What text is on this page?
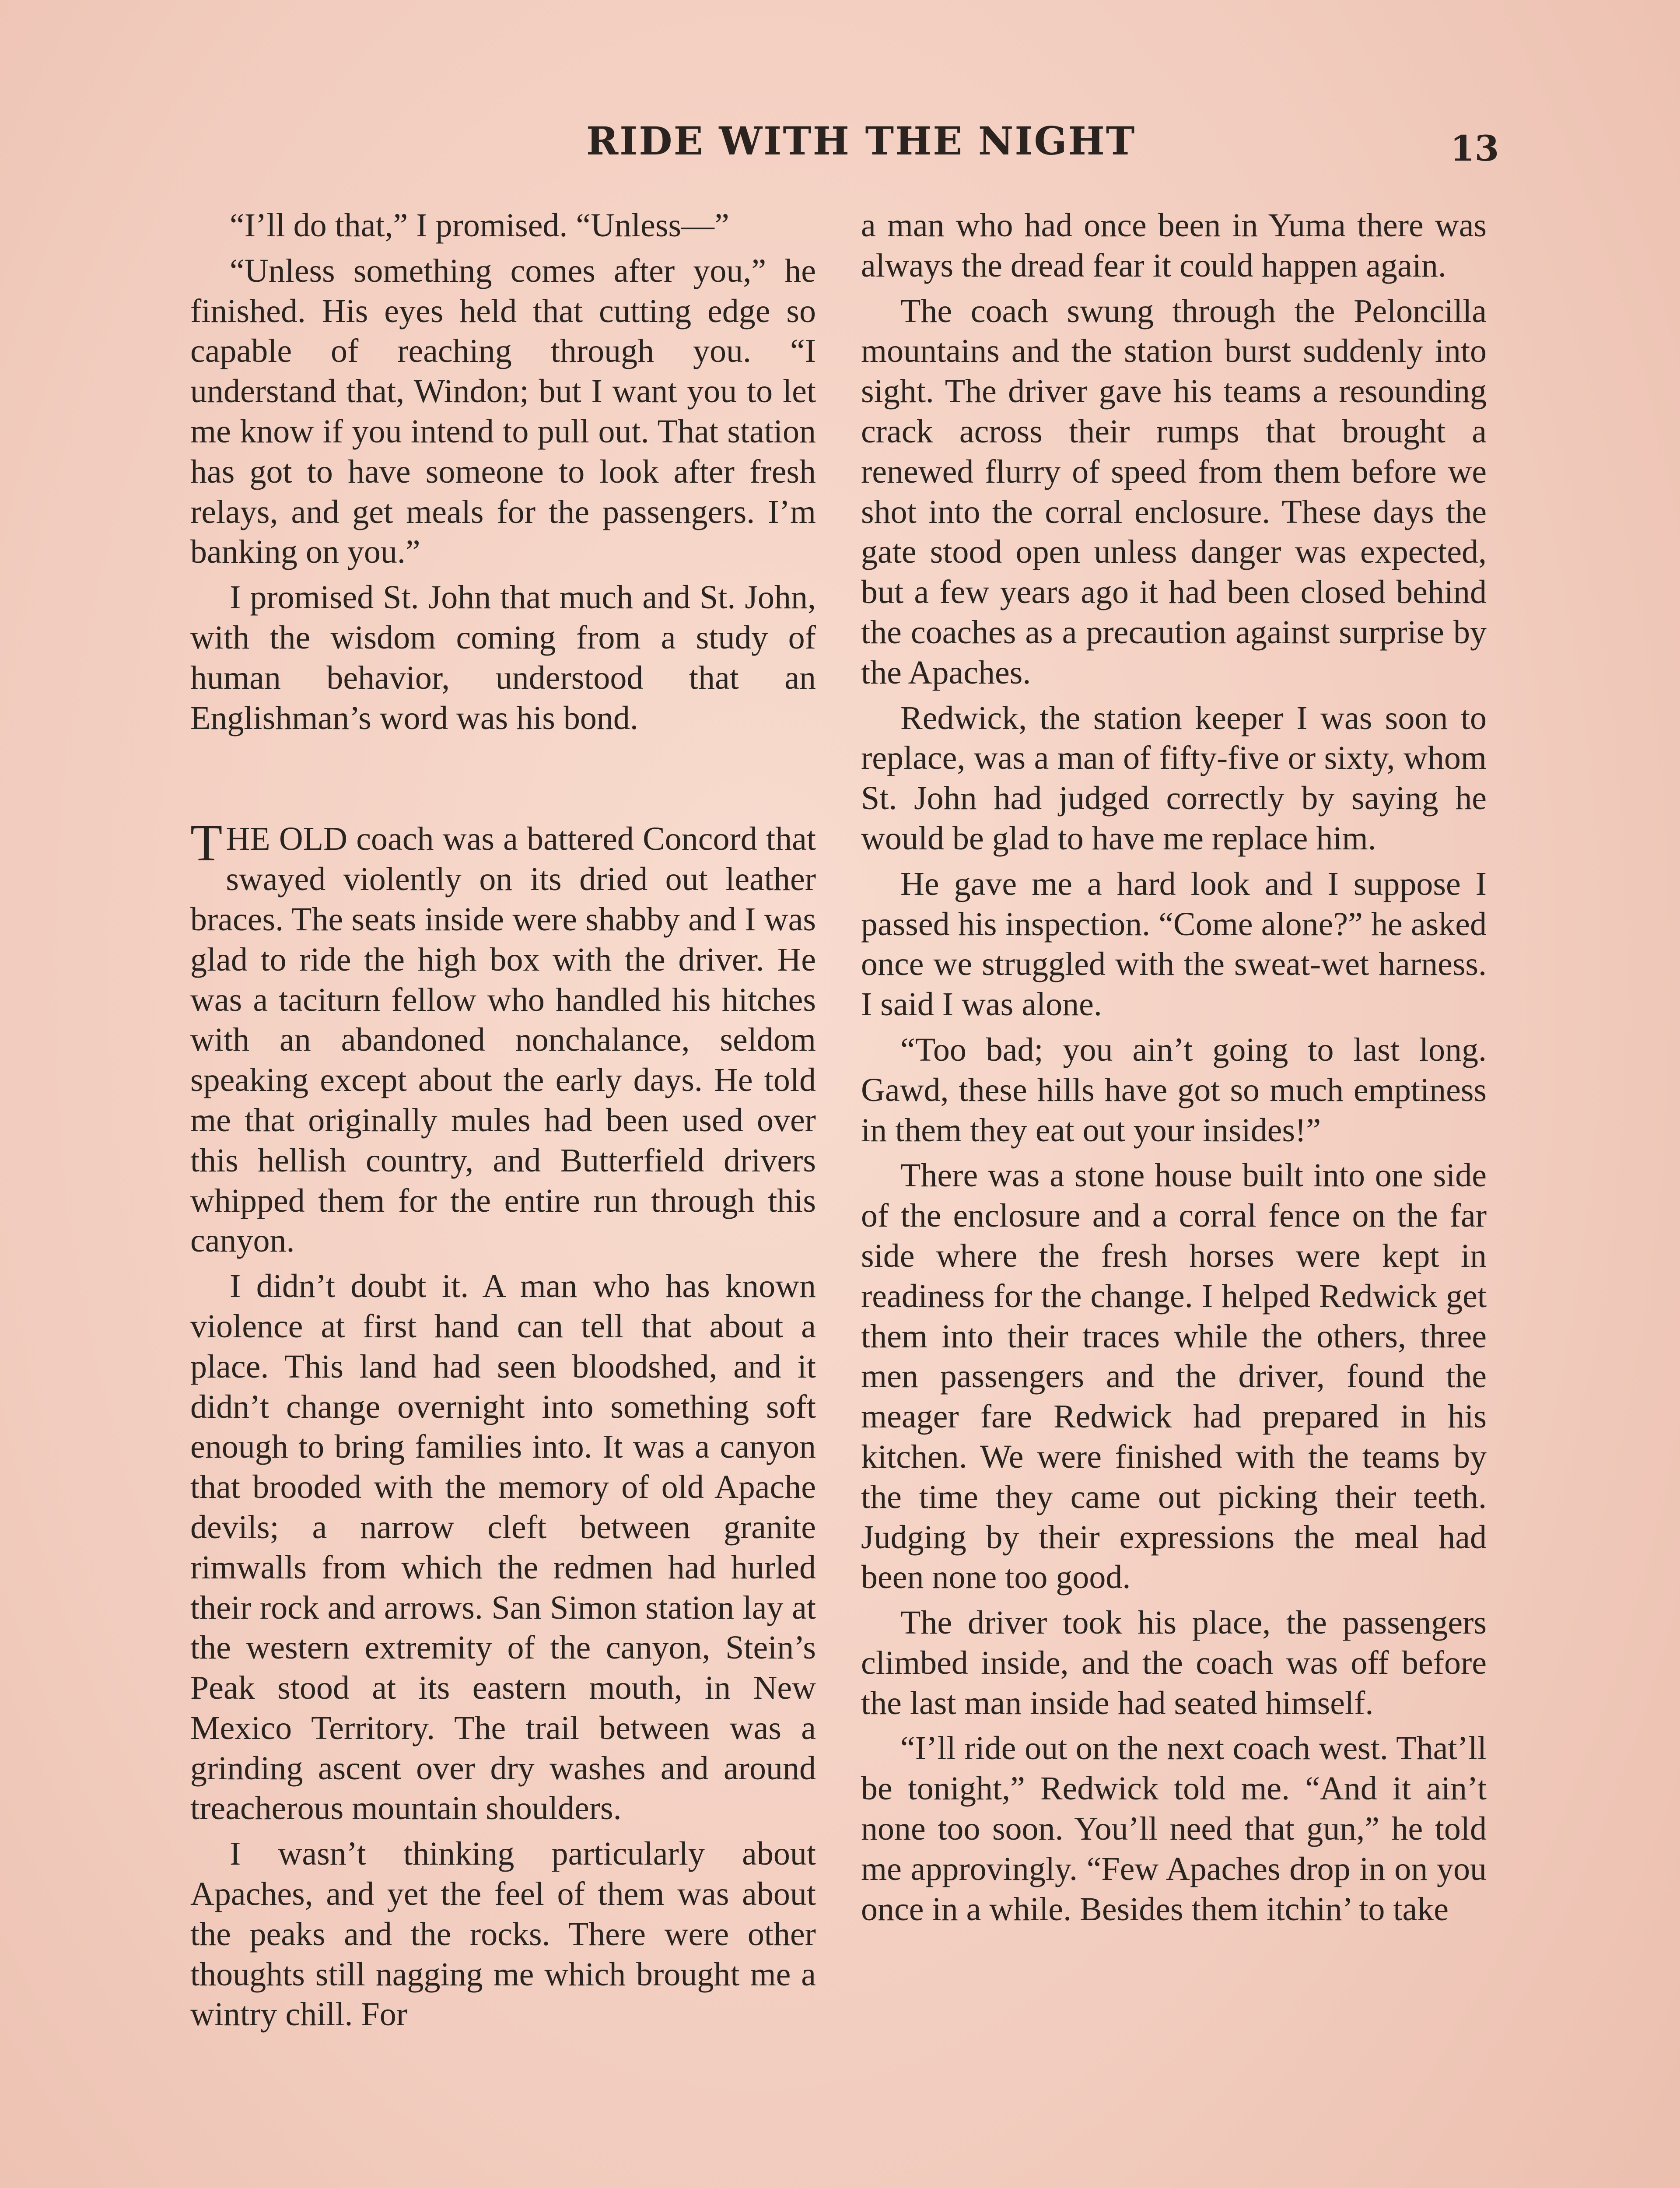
RIDE WITH THE NIGHT	13

“I’ll do that,” I promised. “Unless—”

“Unless something comes after you,” he finished. His eyes held that cutting edge so capable of reaching through you. “I understand that, Windon; but I want you to let me know if you intend to pull out. That station has got to have someone to look after fresh relays, and get meals for the passengers. I’m banking on you.”

I promised St. John that much and St. John, with the wisdom coming from a study of human behavior, understood that an Englishman’s word was his bond.

THE OLD coach was a battered Concord that swayed violently on its dried out leather braces. The seats inside were shabby and I was glad to ride the high box with the driver. He was a taciturn fellow who handled his hitches with an abandoned nonchalance, seldom speaking except about the early days. He told me that originally mules had been used over this hellish country, and Butterfield drivers whipped them for the entire run through this canyon.

I didn’t doubt it. A man who has known violence at first hand can tell that about a place. This land had seen bloodshed, and it didn’t change overnight into something soft enough to bring families into. It was a canyon that brooded with the memory of old Apache devils; a narrow cleft between granite rimwalls from which the redmen had hurled their rock and arrows. San Simon station lay at the western extremity of the canyon, Stein’s Peak stood at its eastern mouth, in New Mexico Territory. The trail between was a grinding ascent over dry washes and around treacherous mountain shoulders.

I wasn’t thinking particularly about Apaches, and yet the feel of them was about the peaks and the rocks. There were other thoughts still nagging me which brought me a wintry chill. For

a man who had once been in Yuma there was always the dread fear it could happen again.

The coach swung through the Peloncilla mountains and the station burst suddenly into sight. The driver gave his teams a resounding crack across their rumps that brought a renewed flurry of speed from them before we shot into the corral enclosure. These days the gate stood open unless danger was expected, but a few years ago it had been closed behind the coaches as a precaution against surprise by the Apaches.

Redwick, the station keeper I was soon to replace, was a man of fifty-five or sixty, whom St. John had judged correctly by saying he would be glad to have me replace him.

He gave me a hard look and I suppose I passed his inspection. “Come alone?” he asked once we struggled with the sweat-wet harness. I said I was alone.

“Too bad; you ain’t going to last long. Gawd, these hills have got so much emptiness in them they eat out your insides!”

There was a stone house built into one side of the enclosure and a corral fence on the far side where the fresh horses were kept in readiness for the change. I helped Redwick get them into their traces while the others, three men passengers and the driver, found the meager fare Redwick had prepared in his kitchen. We were finished with the teams by the time they came out picking their teeth. Judging by their expressions the meal had been none too good.

The driver took his place, the passengers climbed inside, and the coach was off before the last man inside had seated himself.

“I’ll ride out on the next coach west. That’ll be tonight,” Redwick told me. “And it ain’t none too soon. You’ll need that gun,” he told me approvingly. “Few Apaches drop in on you once in a while. Besides them itchin’ to take
